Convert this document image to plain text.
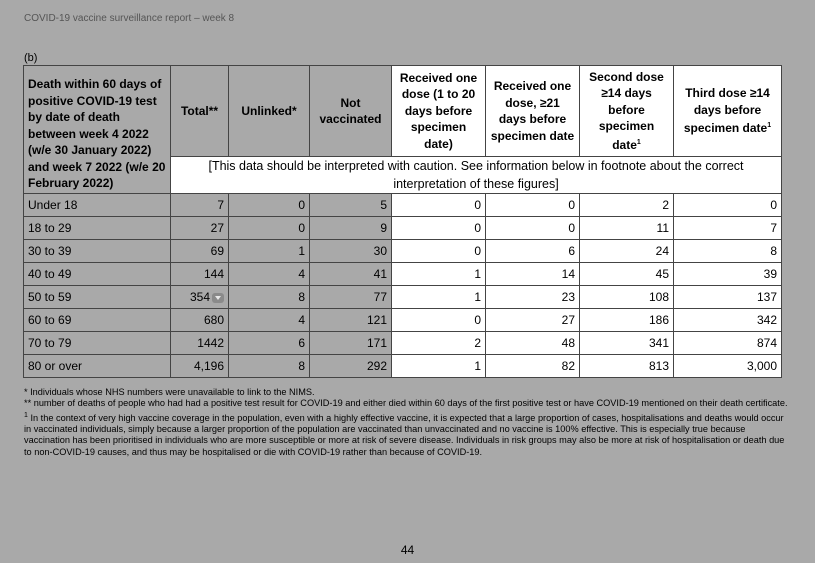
COVID-19 vaccine surveillance report – week 8
(b)
Death within 60 days of positive COVID-19 test by date of death between week 4 2022 (w/e 30 January 2022) and week 7 2022 (w/e 20 February 2022)	Total**	Unlinked*	Not vaccinated	Received one dose (1 to 20 days before specimen date)	Received one dose, ≥21 days before specimen date	Second dose ≥14 days before specimen date$^1$	Third dose ≥14 days before specimen date$^1$
	[This data should be interpreted with caution. See information below in footnote about the correct interpretation of these figures]						
Under 18	7	0	5	0	0	2	0
18 to 29	27	0	9	0	0	11	7
30 to 39	69	1	30	0	6	24	8
40 to 49	144	4	41	1	14	45	39
50 to 59	354	8	77	1	23	108	137
60 to 69	680	4	121	0	27	186	342
70 to 79	1442	6	171	2	48	341	874
80 or over	4,196	8	292	1	82	813	3,000

* Individuals whose NHS numbers were unavailable to link to the NIMS.

** number of deaths of people who had had a positive test result for COVID-19 and either died within 60 days of the first positive test or have COVID-19 mentioned on their death certificate.

$^1$ In the context of very high vaccine coverage in the population, even with a highly effective vaccine, it is expected that a large proportion of cases, hospitalisations and deaths would occur in vaccinated individuals, simply because a larger proportion of the population are vaccinated than unvaccinated and no vaccine is 100% effective. This is especially true because vaccination has been prioritised in individuals who are more susceptible or more at risk of severe disease. Individuals in risk groups may also be more at risk of hospitalisation or death due to non-COVID-19 causes, and thus may be hospitalised or die with COVID-19 rather than because of COVID-19.

44
